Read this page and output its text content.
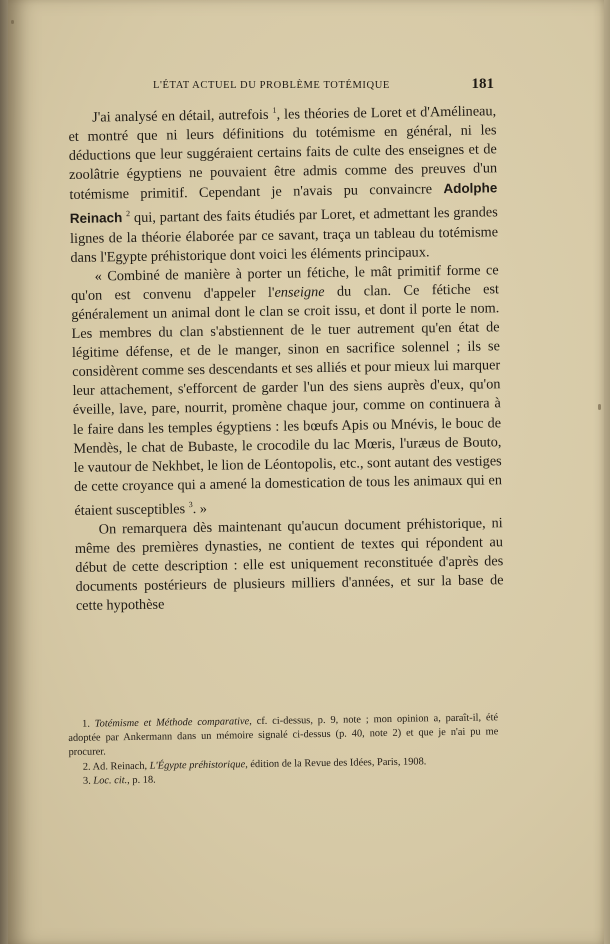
L'ÉTAT ACTUEL DU PROBLÈME TOTÉMIQUE	181

J'ai analysé en détail, autrefois $^1$, les théories de Loret et d'Amélineau, et montré que ni leurs définitions du totémisme en général, ni les déductions que leur suggéraient certains faits de culte des enseignes et de zoolâtrie égyptiens ne pouvaient être admis comme des preuves d'un totémisme primitif. Cependant je n'avais pu convaincre Adolphe Reinach $^2$ qui, partant des faits étudiés par Loret, et admettant les grandes lignes de la théorie élaborée par ce savant, traça un tableau du totémisme dans l'Egypte préhistorique dont voici les éléments principaux.

« Combiné de manière à porter un fétiche, le mât primitif forme ce qu'on est convenu d'appeler l'enseigne du clan. Ce fétiche est généralement un animal dont le clan se croit issu, et dont il porte le nom. Les membres du clan s'abstiennent de le tuer autrement qu'en état de légitime défense, et de le manger, sinon en sacrifice solennel ; ils se considèrent comme ses descendants et ses alliés et pour mieux lui marquer leur attachement, s'efforcent de garder l'un des siens auprès d'eux, qu'on éveille, lave, pare, nourrit, promène chaque jour, comme on continuera à le faire dans les temples égyptiens : les bœufs Apis ou Mnévis, le bouc de Mendès, le chat de Bubaste, le crocodile du lac Mœris, l'uræus de Bouto, le vautour de Nekhbet, le lion de Léontopolis, etc., sont autant des vestiges de cette croyance qui a amené la domestication de tous les animaux qui en étaient susceptibles $^3$. »

On remarquera dès maintenant qu'aucun document préhistorique, ni même des premières dynasties, ne contient de textes qui répondent au début de cette description : elle est uniquement reconstituée d'après des documents postérieurs de plusieurs milliers d'années, et sur la base de cette hypothèse

1. Totémisme et Méthode comparative, cf. ci-dessus, p. 9, note ; mon opinion a, paraît-il, été adoptée par Ankermann dans un mémoire signalé ci-dessus (p. 40, note 2) et que je n'ai pu me procurer.

2. Ad. Reinach, L'Égypte préhistorique, édition de la Revue des Idées, Paris, 1908.

3. Loc. cit., p. 18.
